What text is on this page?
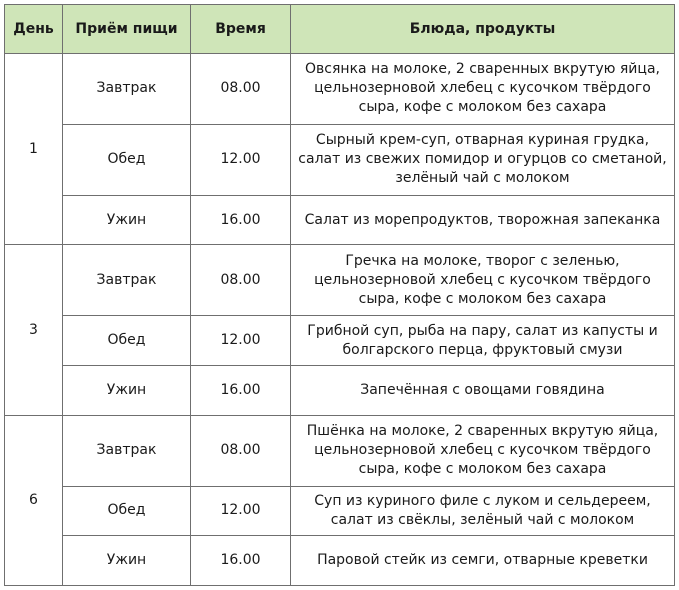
День	Приём пищи	Время	Блюда, продукты
1	Завтрак	08.00	Овсянка на молоке, 2 сваренных вкрутую яйца, цельнозерновой хлебец с кусочком твёрдого сыра, кофе с молоком без сахара
	Обед	12.00	Сырный крем-суп, отварная куриная грудка, салат из свежих помидор и огурцов со сметаной, зелёный чай с молоком
	Ужин	16.00	Салат из морепродуктов, творожная запеканка
3	Завтрак	08.00	Гречка на молоке, творог с зеленью, цельнозерновой хлебец с кусочком твёрдого сыра, кофе с молоком без сахара
	Обед	12.00	Грибной суп, рыба на пару, салат из капусты и болгарского перца, фруктовый смузи
	Ужин	16.00	Запечённая с овощами говядина
6	Завтрак	08.00	Пшёнка на молоке, 2 сваренных вкрутую яйца, цельнозерновой хлебец с кусочком твёрдого сыра, кофе с молоком без сахара
	Обед	12.00	Суп из куриного филе с луком и сельдереем, салат из свёклы, зелёный чай с молоком
	Ужин	16.00	Паровой стейк из семги, отварные креветки
